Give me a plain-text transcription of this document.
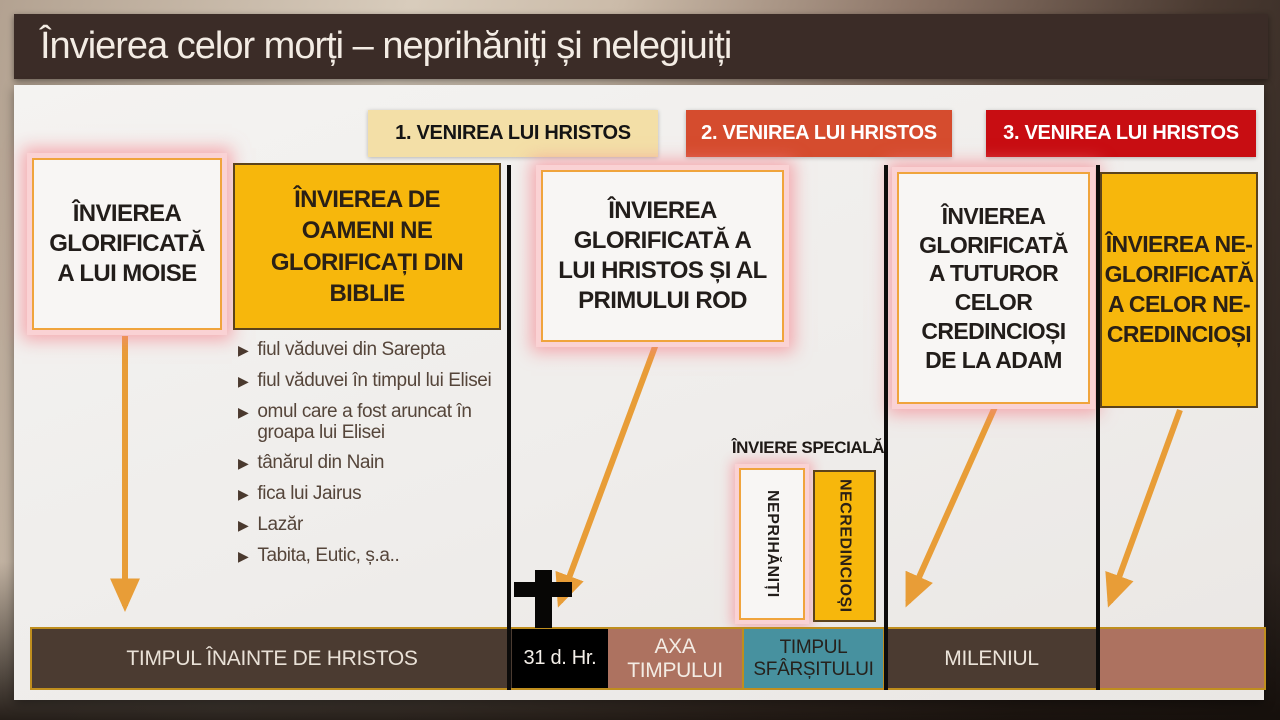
Învierea celor morți – neprihăniți și nelegiuiți
1. VENIREA LUI HRISTOS	2. VENIREA LUI HRISTOS	3. VENIREA LUI HRISTOS
ÎNVIEREA GLORIFICATĂ A LUI MOISE
ÎNVIEREA DE OAMENI NE GLORIFICAȚI DIN BIBLIE
ÎNVIEREA GLORIFICATĂ A LUI HRISTOS ȘI AL PRIMULUI ROD
ÎNVIEREA GLORIFICATĂ A TUTUROR CELOR CREDINCIOȘI DE LA ADAM
ÎNVIEREA NE-GLORIFICATĂ A CELOR NE-CREDINCIOȘI
▶ fiul văduvei din Sarepta
▶ fiul văduvei în timpul lui Elisei
▶ omul care a fost aruncat în groapa lui Elisei
▶ tânărul din Nain
▶ fica lui Jairus
▶ Lazăr
▶ Tabita, Eutic, ș.a..
ÎNVIERE SPECIALĂ
NEPRIHĂNIȚI	NECREDINCIOȘI
TIMPUL ÎNAINTE DE HRISTOS	31 d. Hr.
AXA TIMPULUI
TIMPUL SFÂRȘITULUI	MILENIUL
